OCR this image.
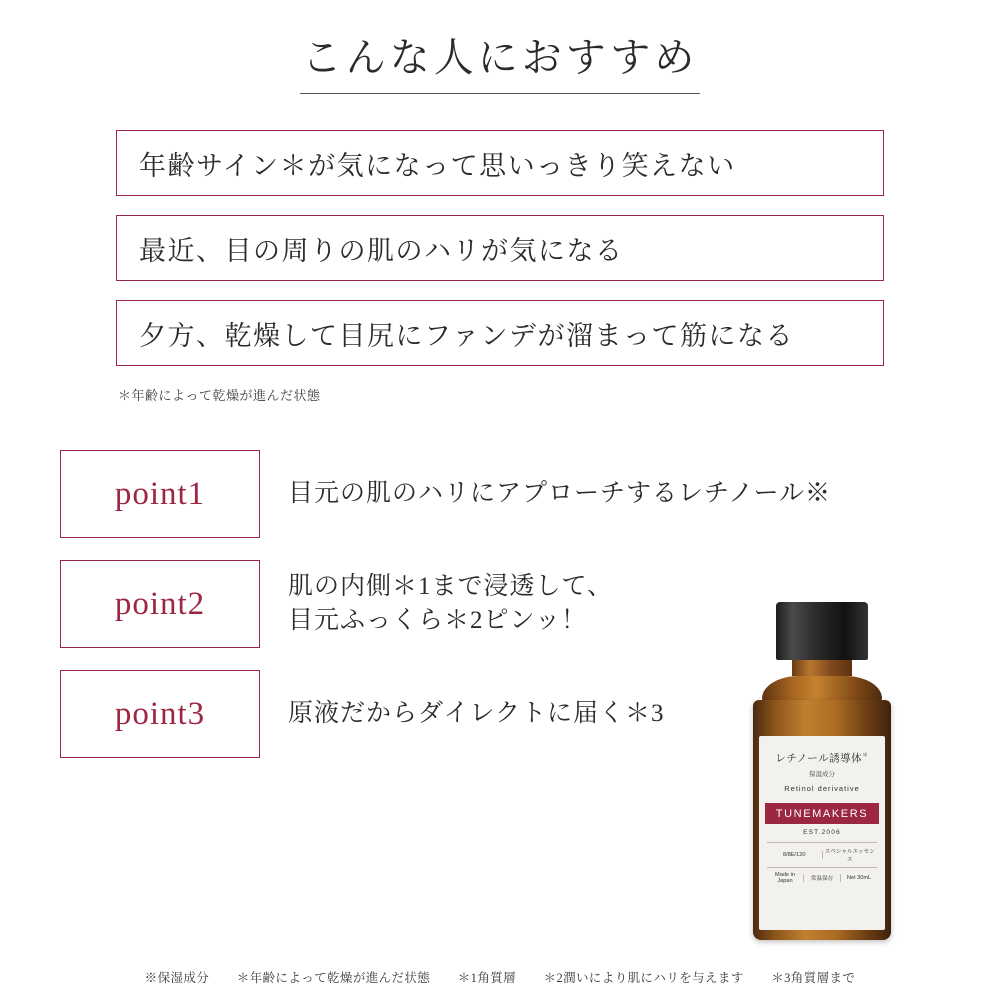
こんな人におすすめ
年齢サイン＊が気になって思いっきり笑えない
最近、目の周りの肌のハリが気になる
夕方、乾燥して目尻にファンデが溜まって筋になる
＊年齢によって乾燥が進んだ状態
レチノール誘導体＊
保湿成分
Retinol derivative
TUNEMAKERS
EST.2006
8/8E/120	スペシャルエッセンス
Made in Japan	常温保存	Net 30mL
point1	目元の肌のハリにアプローチするレチノール※
point2	肌の内側＊1まで浸透して、
目元ふっくら＊2ピンッ！
point3	原液だからダイレクトに届く＊3
※保湿成分 ＊年齢によって乾燥が進んだ状態 ＊1角質層 ＊2潤いにより肌にハリを与えます ＊3角質層まで
